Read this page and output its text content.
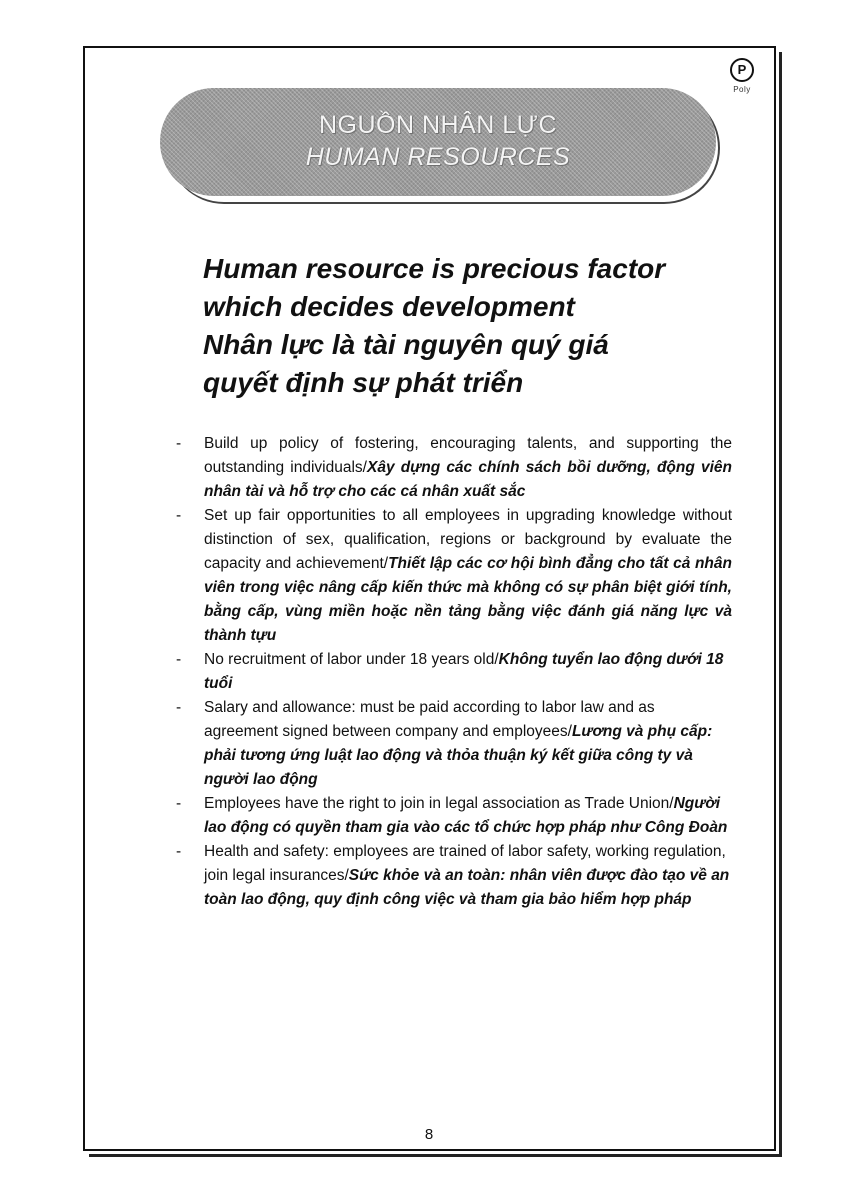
P
Poly
NGUỒN NHÂN LỰC
HUMAN RESOURCES
Human resource is precious factor
which decides development
Nhân lực là tài nguyên quý giá
quyết định sự phát triển
- Build up policy of fostering, encouraging talents, and supporting the outstanding individuals/Xây dựng các chính sách bồi dưỡng, động viên nhân tài và hỗ trợ cho các cá nhân xuất sắc
- Set up fair opportunities to all employees in upgrading knowledge without distinction of sex, qualification, regions or background by evaluate the capacity and achievement/Thiết lập các cơ hội bình đẳng cho tất cả nhân viên trong việc nâng cấp kiến thức mà không có sự phân biệt giới tính, bằng cấp, vùng miền hoặc nền tảng bằng việc đánh giá năng lực và thành tựu
- No recruitment of labor under 18 years old/Không tuyển lao động dưới 18 tuổi
- Salary and allowance: must be paid according to labor law and as agreement signed between company and employees/Lương và phụ cấp: phải tương ứng luật lao động và thỏa thuận ký kết giữa công ty và người lao động
- Employees have the right to join in legal association as Trade Union/Người lao động có quyền tham gia vào các tổ chức hợp pháp như Công Đoàn
- Health and safety: employees are trained of labor safety, working regulation, join legal insurances/Sức khỏe và an toàn: nhân viên được đào tạo về an toàn lao động, quy định công việc và tham gia bảo hiểm hợp pháp
8
